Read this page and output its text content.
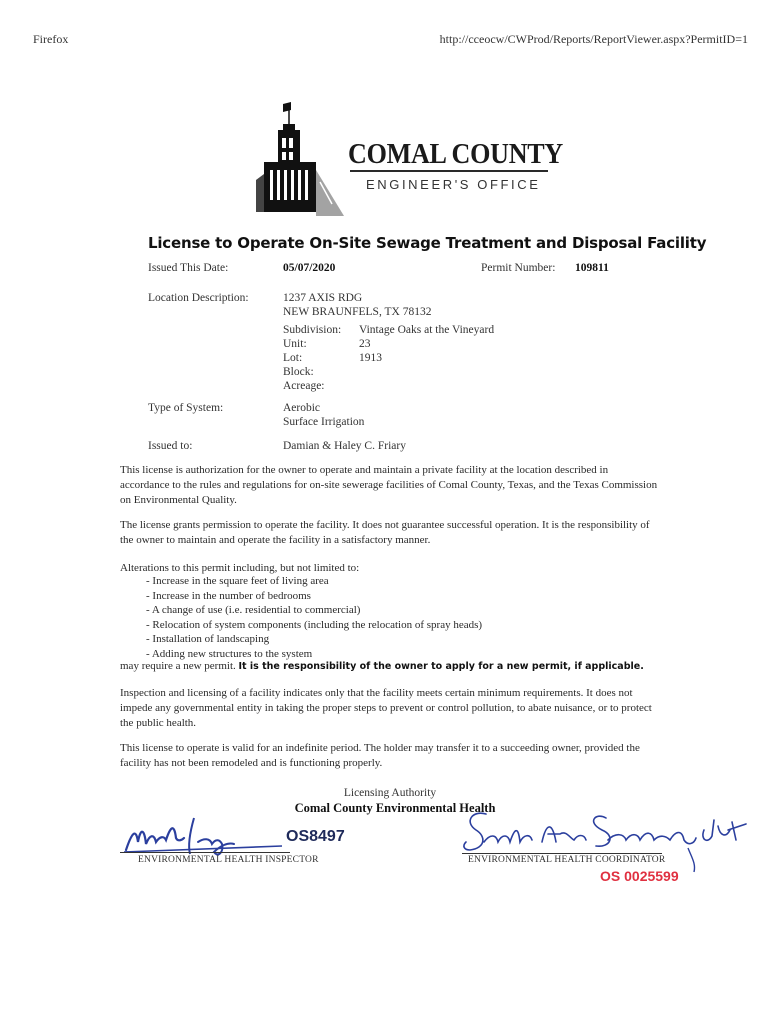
Firefox	http://cceocw/CWProd/Reports/ReportViewer.aspx?PermitID=1
COMAL COUNTY
ENGINEER'S OFFICE
License to Operate On-Site Sewage Treatment and Disposal Facility
Issued This Date:	05/07/2020	Permit Number: 109811
Location Description:	1237 AXIS RDG
NEW BRAUNFELS, TX 78132
Subdivision: Vintage Oaks at the Vineyard
Unit:	23
Lot:	1913
Block:
Acreage:
Type of System:	Aerobic
Surface Irrigation
Issued to:	Damian & Haley C. Friary
This license is authorization for the owner to operate and maintain a private facility at the location described in accordance to the rules and regulations for on-site sewerage facilities of Comal County, Texas, and the Texas Commission on Environmental Quality.
The license grants permission to operate the facility. It does not guarantee successful operation. It is the responsibility of the owner to maintain and operate the facility in a satisfactory manner.
Alterations to this permit including, but not limited to:
- Increase in the square feet of living area
- Increase in the number of bedrooms
- A change of use (i.e. residential to commercial)
- Relocation of system components (including the relocation of spray heads)
- Installation of landscaping
- Adding new structures to the system
may require a new permit. It is the responsibility of the owner to apply for a new permit, if applicable.
Inspection and licensing of a facility indicates only that the facility meets certain minimum requirements. It does not impede any governmental entity in taking the proper steps to prevent or control pollution, to abate nuisance, or to protect the public health.
This license to operate is valid for an indefinite period. The holder may transfer it to a succeeding owner, provided the facility has not been remodeled and is functioning properly.
Licensing Authority
Comal County Environmental Health
OS8497
ENVIRONMENTAL HEALTH INSPECTOR	ENVIRONMENTAL HEALTH COORDINATOR
OS 0025599
